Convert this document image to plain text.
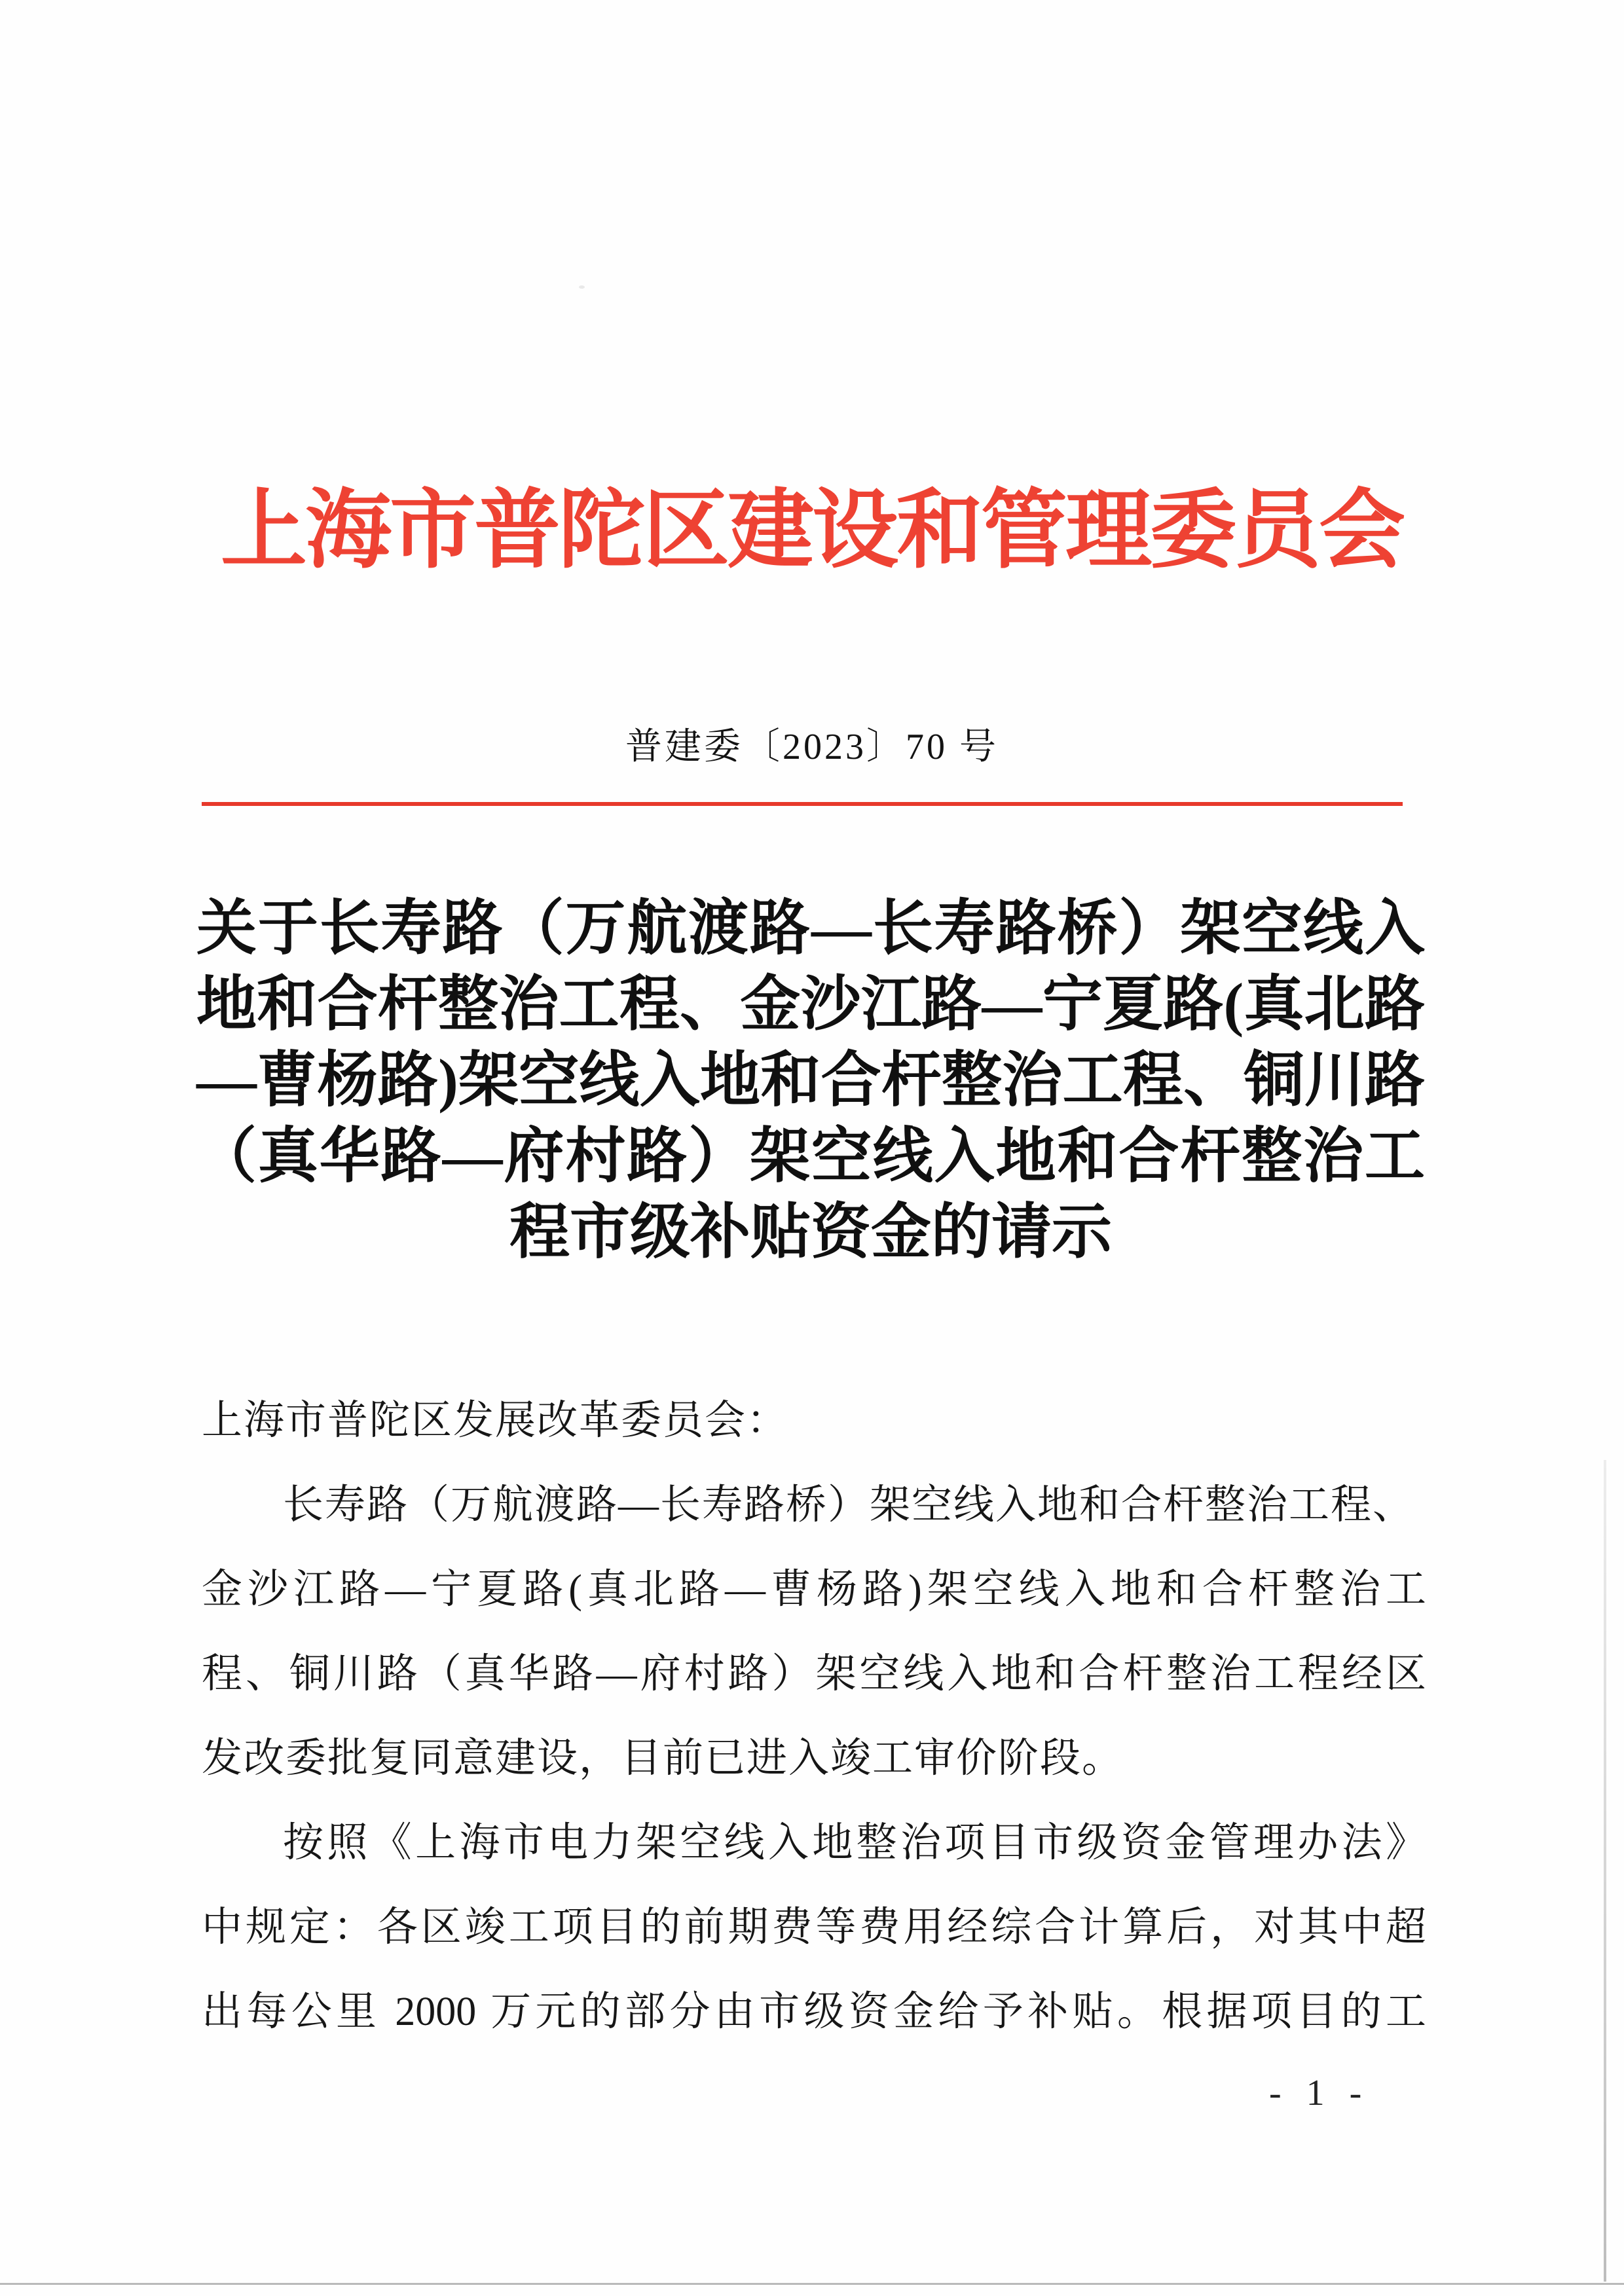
上海市普陀区建设和管理委员会
普建委〔2023〕70 号
关于长寿路（万航渡路—长寿路桥）架空线入
地和合杆整治工程、金沙江路—宁夏路(真北路
—曹杨路)架空线入地和合杆整治工程、铜川路
（真华路—府村路）架空线入地和合杆整治工
程市级补贴资金的请示
上海市普陀区发展改革委员会：
长寿路（万航渡路—长寿路桥）架空线入地和合杆整治工程、
金沙江路—宁夏路(真北路—曹杨路)架空线入地和合杆整治工
程、铜川路（真华路—府村路）架空线入地和合杆整治工程经区
发改委批复同意建设，目前已进入竣工审价阶段。
按照《上海市电力架空线入地整治项目市级资金管理办法》
中规定：各区竣工项目的前期费等费用经综合计算后，对其中超
出每公里 2000 万元的部分由市级资金给予补贴。根据项目的工
- 1 -
